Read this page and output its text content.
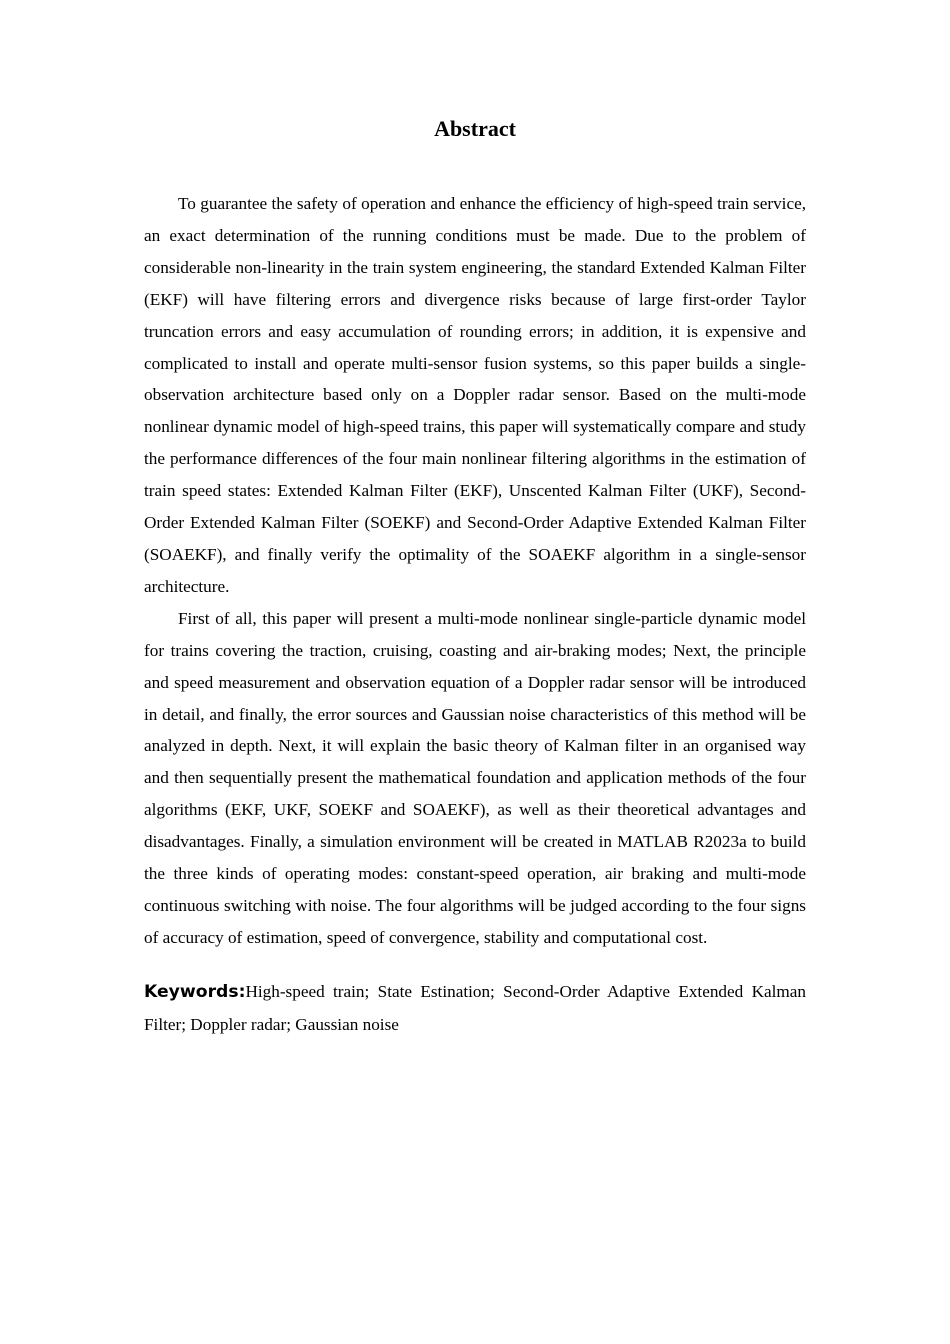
Abstract

To guarantee the safety of operation and enhance the efficiency of high-speed train service, an exact determination of the running conditions must be made. Due to the problem of considerable non-linearity in the train system engineering, the standard Extended Kalman Filter (EKF) will have filtering errors and divergence risks because of large first-order Taylor truncation errors and easy accumulation of rounding errors; in addition, it is expensive and complicated to install and operate multi-sensor fusion systems, so this paper builds a single-observation architecture based only on a Doppler radar sensor. Based on the multi-mode nonlinear dynamic model of high-speed trains, this paper will systematically compare and study the performance differences of the four main nonlinear filtering algorithms in the estimation of train speed states: Extended Kalman Filter (EKF), Unscented Kalman Filter (UKF), Second-Order Extended Kalman Filter (SOEKF) and Second-Order Adaptive Extended Kalman Filter (SOAEKF), and finally verify the optimality of the SOAEKF algorithm in a single-sensor architecture.

First of all, this paper will present a multi-mode nonlinear single-particle dynamic model for trains covering the traction, cruising, coasting and air-braking modes; Next, the principle and speed measurement and observation equation of a Doppler radar sensor will be introduced in detail, and finally, the error sources and Gaussian noise characteristics of this method will be analyzed in depth. Next, it will explain the basic theory of Kalman filter in an organised way and then sequentially present the mathematical foundation and application methods of the four algorithms (EKF, UKF, SOEKF and SOAEKF), as well as their theoretical advantages and disadvantages. Finally, a simulation environment will be created in MATLAB R2023a to build the three kinds of operating modes: constant-speed operation, air braking and multi-mode continuous switching with noise. The four algorithms will be judged according to the four signs of accuracy of estimation, speed of convergence, stability and computational cost.

Keywords:High-speed train; State Estination; Second-Order Adaptive Extended Kalman Filter; Doppler radar; Gaussian noise
